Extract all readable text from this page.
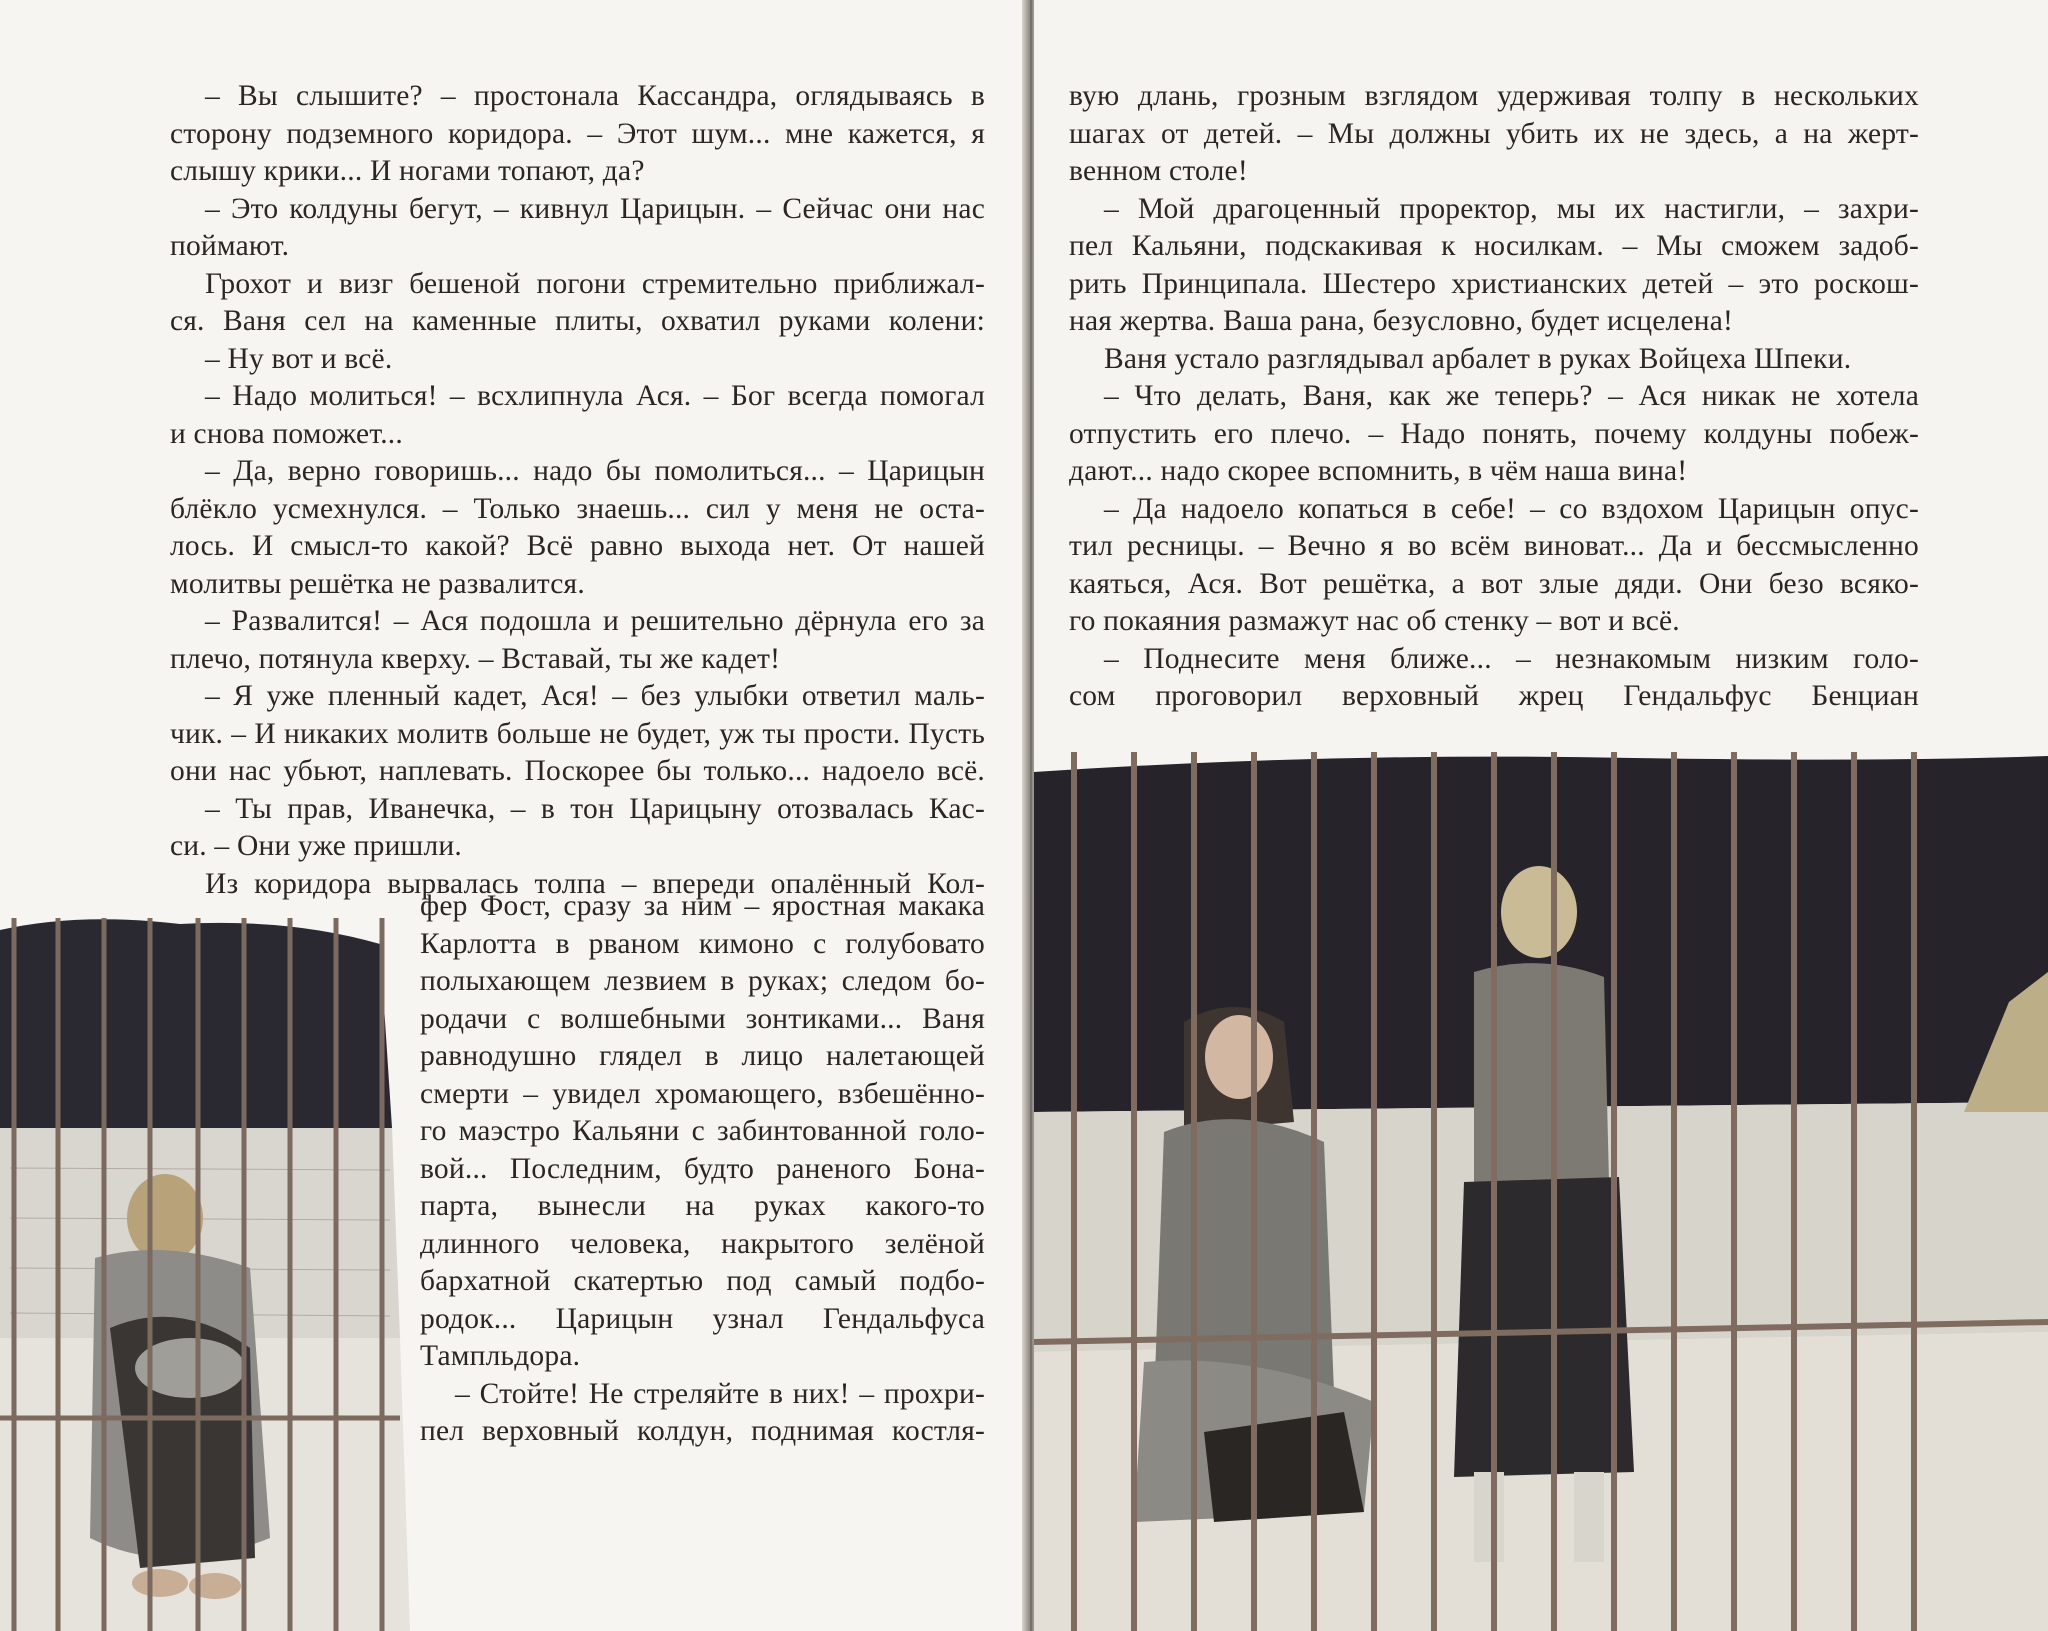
– Вы слышите? – простонала Кассандра, оглядываясь в
сторону подземного коридора. – Этот шум... мне кажется, я
слышу крики... И ногами топают, да?
– Это колдуны бегут, – кивнул Царицын. – Сейчас они нас
поймают.
Грохот и визг бешеной погони стремительно приближал-
ся. Ваня сел на каменные плиты, охватил руками колени:
– Ну вот и всё.
– Надо молиться! – всхлипнула Ася. – Бог всегда помогал
и снова поможет...
– Да, верно говоришь... надо бы помолиться... – Царицын
блёкло усмехнулся. – Только знаешь... сил у меня не оста-
лось. И смысл-то какой? Всё равно выхода нет. От нашей
молитвы решётка не развалится.
– Развалится! – Ася подошла и решительно дёрнула его за
плечо, потянула кверху. – Вставай, ты же кадет!
– Я уже пленный кадет, Ася! – без улыбки ответил маль-
чик. – И никаких молитв больше не будет, уж ты прости. Пусть
они нас убьют, наплевать. Поскорее бы только... надоело всё.
– Ты прав, Иванечка, – в тон Царицыну отозвалась Кас-
си. – Они уже пришли.
Из коридора вырвалась толпа – впереди опалённый Кол-
фер Фост, сразу за ним – яростная макака
Карлотта в рваном кимоно с голубовато
полыхающем лезвием в руках; следом бо-
родачи с волшебными зонтиками... Ваня
равнодушно глядел в лицо налетающей
смерти – увидел хромающего, взбешённо-
го маэстро Кальяни с забинтованной голо-
вой... Последним, будто раненого Бона-
парта, вынесли на руках какого-то
длинного человека, накрытого зелёной
бархатной скатертью под самый подбо-
родок... Царицын узнал Гендальфуса
Тампльдора.
– Стойте! Не стреляйте в них! – прохри-
пел верховный колдун, поднимая костля-
вую длань, грозным взглядом удерживая толпу в нескольких
шагах от детей. – Мы должны убить их не здесь, а на жерт-
венном столе!
– Мой драгоценный проректор, мы их настигли, – захри-
пел Кальяни, подскакивая к носилкам. – Мы сможем задоб-
рить Принципала. Шестеро христианских детей – это роскош-
ная жертва. Ваша рана, безусловно, будет исцелена!
Ваня устало разглядывал арбалет в руках Войцеха Шпеки.
– Что делать, Ваня, как же теперь? – Ася никак не хотела
отпустить его плечо. – Надо понять, почему колдуны побеж-
дают... надо скорее вспомнить, в чём наша вина!
– Да надоело копаться в себе! – со вздохом Царицын опус-
тил ресницы. – Вечно я во всём виноват... Да и бессмысленно
каяться, Ася. Вот решётка, а вот злые дяди. Они безо всяко-
го покаяния размажут нас об стенку – вот и всё.
– Поднесите меня ближе... – незнакомым низким голо-
сом проговорил верховный жрец Гендальфус Бенциан
